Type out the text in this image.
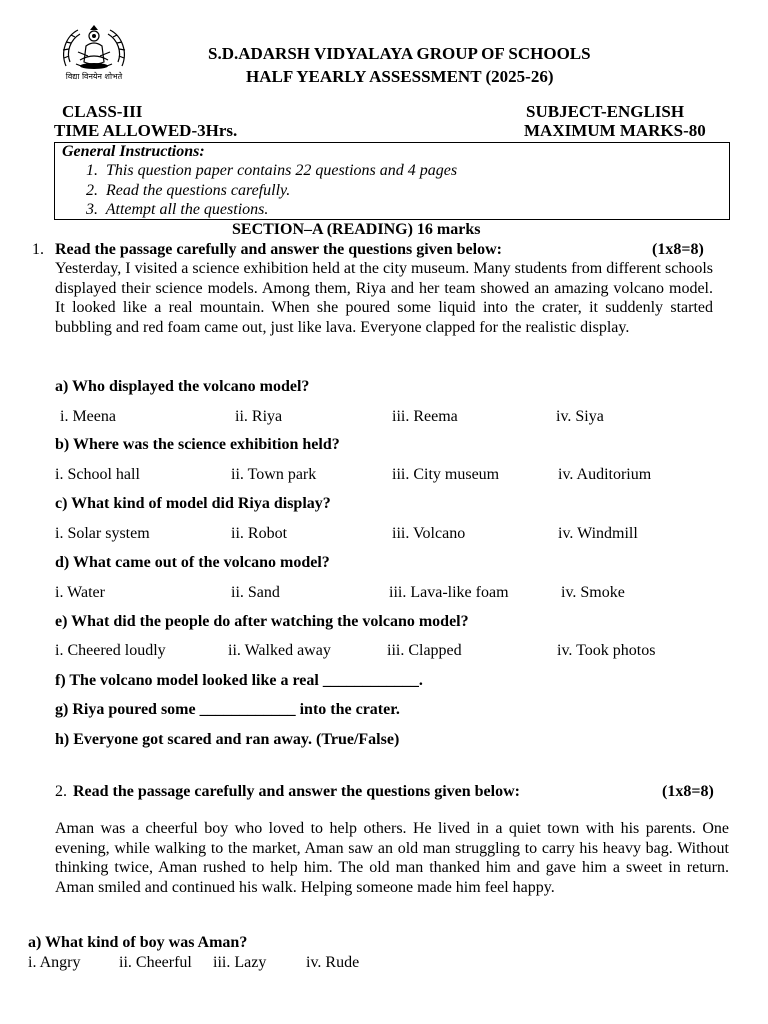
विद्या विनयेन शोभते
S.D.ADARSH VIDYALAYA GROUP OF SCHOOLS
HALF YEARLY ASSESSMENT (2025-26)
CLASS-III	SUBJECT-ENGLISH
TIME ALLOWED-3Hrs.	MAXIMUM MARKS-80
General Instructions:
1.  This question paper contains 22 questions and 4 pages
2.  Read the questions carefully.
3.  Attempt all the questions.
SECTION–A (READING) 16 marks
1. Read the passage carefully and answer the questions given below:	(1x8=8)
Yesterday, I visited a science exhibition held at the city museum. Many students from different schools displayed their science models. Among them, Riya and her team showed an amazing volcano model. It looked like a real mountain. When she poured some liquid into the crater, it suddenly started bubbling and red foam came out, just like lava. Everyone clapped for the realistic display.
a) Who displayed the volcano model?
i. Meena	ii. Riya	iii. Reema	iv. Siya
b) Where was the science exhibition held?
i. School hall	ii. Town park	iii. City museum	iv. Auditorium
c) What kind of model did Riya display?
i. Solar system	ii. Robot	iii. Volcano	iv. Windmill
d) What came out of the volcano model?
i. Water	ii. Sand	iii. Lava-like foam	iv. Smoke
e) What did the people do after watching the volcano model?
i. Cheered loudly	ii. Walked away	iii. Clapped	iv. Took photos
f) The volcano model looked like a real ____________.
g) Riya poured some ____________ into the crater.
h) Everyone got scared and ran away. (True/False)
2. Read the passage carefully and answer the questions given below:	(1x8=8)
Aman was a cheerful boy who loved to help others. He lived in a quiet town with his parents. One evening, while walking to the market, Aman saw an old man struggling to carry his heavy bag. Without thinking twice, Aman rushed to help him. The old man thanked him and gave him a sweet in return. Aman smiled and continued his walk. Helping someone made him feel happy.
a) What kind of boy was Aman?
i. Angry ii. Cheerful iii. Lazy iv. Rude
